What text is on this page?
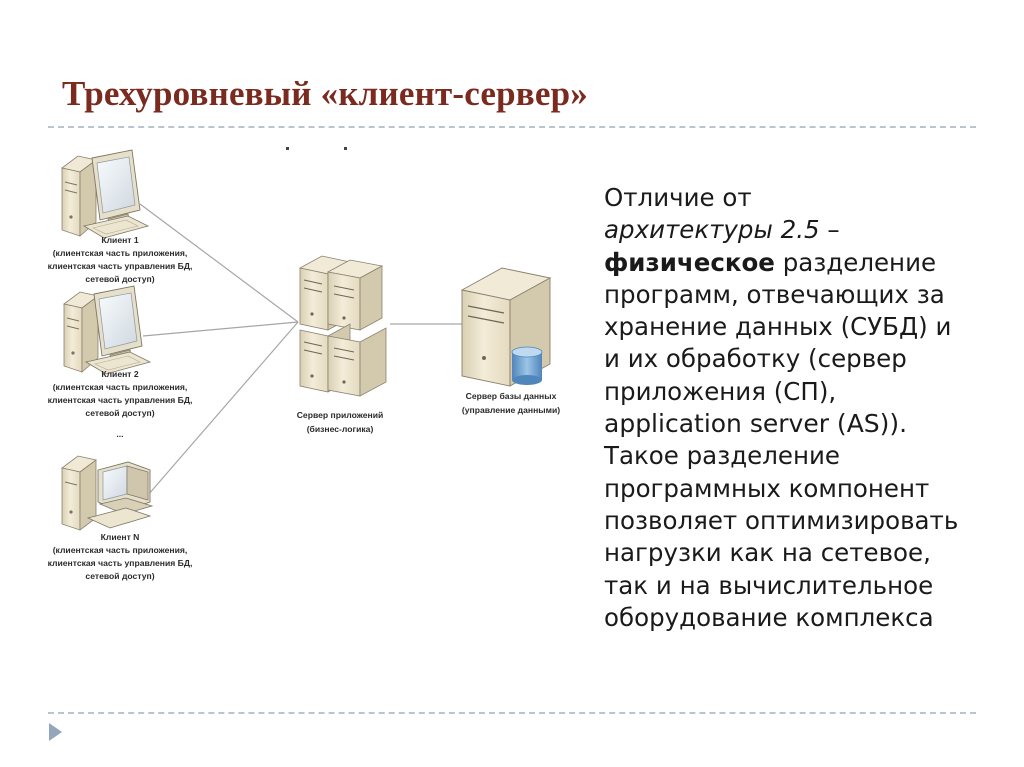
Трехуровневый «клиент-сервер»
Клиент 1
(клиентская часть приложения,
клиентская часть управления БД,
сетевой доступ)
Клиент 2
(клиентская часть приложения,
клиентская часть управления БД,
сетевой доступ)
...
Клиент N
(клиентская часть приложения,
клиентская часть управления БД,
сетевой доступ)
Сервер приложений
(бизнес-логика)
Сервер базы данных
(управление данными)
Отличие от
архитектуры 2.5 –
физическое разделение
программ, отвечающих за
хранение данных (СУБД) и
и их обработку (сервер
приложения (СП),
application server (AS)).
Такое разделение
программных компонент
позволяет оптимизировать
нагрузки как на сетевое,
так и на вычислительное
оборудование комплекса
